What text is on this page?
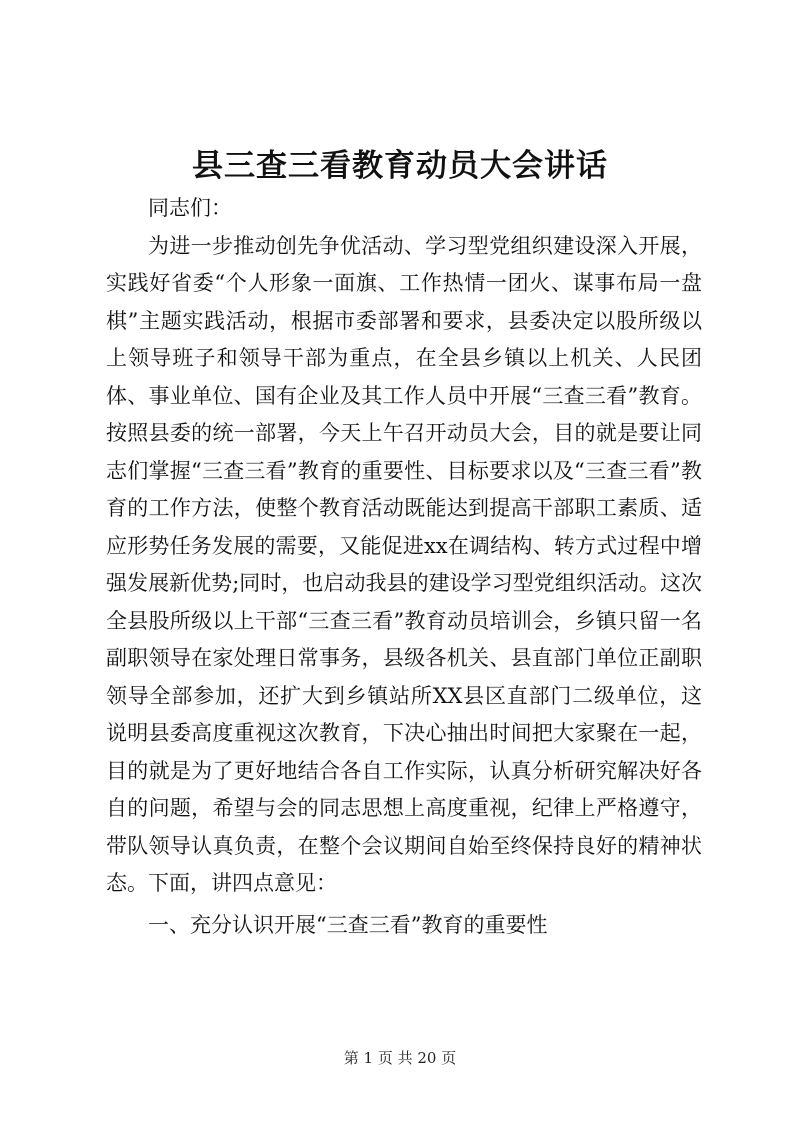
县三查三看教育动员大会讲话

同志们：

为进一步推动创先争优活动、学习型党组织建设深入开展，实践好省委“个人形象一面旗、工作热情一团火、谋事布局一盘棋”主题实践活动，根据市委部署和要求，县委决定以股所级以上领导班子和领导干部为重点，在全县乡镇以上机关、人民团体、事业单位、国有企业及其工作人员中开展“三查三看”教育。按照县委的统一部署，今天上午召开动员大会，目的就是要让同志们掌握“三查三看”教育的重要性、目标要求以及“三查三看”教育的工作方法，使整个教育活动既能达到提高干部职工素质、适应形势任务发展的需要，又能促进xx在调结构、转方式过程中增强发展新优势;同时，也启动我县的建设学习型党组织活动。这次全县股所级以上干部“三查三看”教育动员培训会，乡镇只留一名副职领导在家处理日常事务，县级各机关、县直部门单位正副职领导全部参加，还扩大到乡镇站所XX县区直部门二级单位，这说明县委高度重视这次教育，下决心抽出时间把大家聚在一起，目的就是为了更好地结合各自工作实际，认真分析研究解决好各自的问题，希望与会的同志思想上高度重视，纪律上严格遵守，带队领导认真负责，在整个会议期间自始至终保持良好的精神状态。下面，讲四点意见：

一、充分认识开展“三查三看”教育的重要性

第 1 页 共 20 页
